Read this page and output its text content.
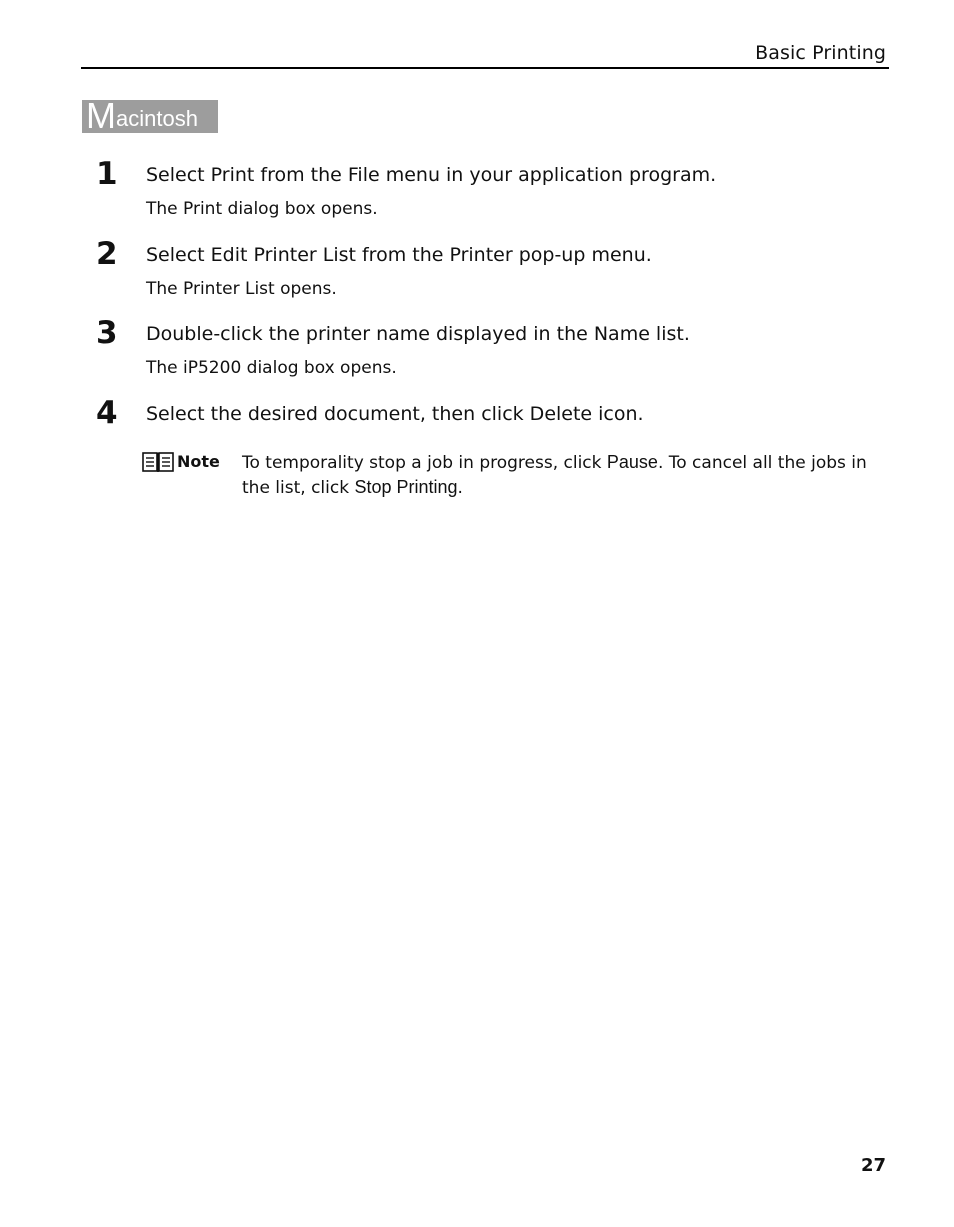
Basic Printing
M acintosh
1 Select Print from the File menu in your application program.
The Print dialog box opens.
2 Select Edit Printer List from the Printer pop-up menu.
The Printer List opens.
3 Double-click the printer name displayed in the Name list.
The iP5200 dialog box opens.
4 Select the desired document, then click Delete icon.
Note To temporality stop a job in progress, click Pause. To cancel all the jobs in the list, click Stop Printing.
27
